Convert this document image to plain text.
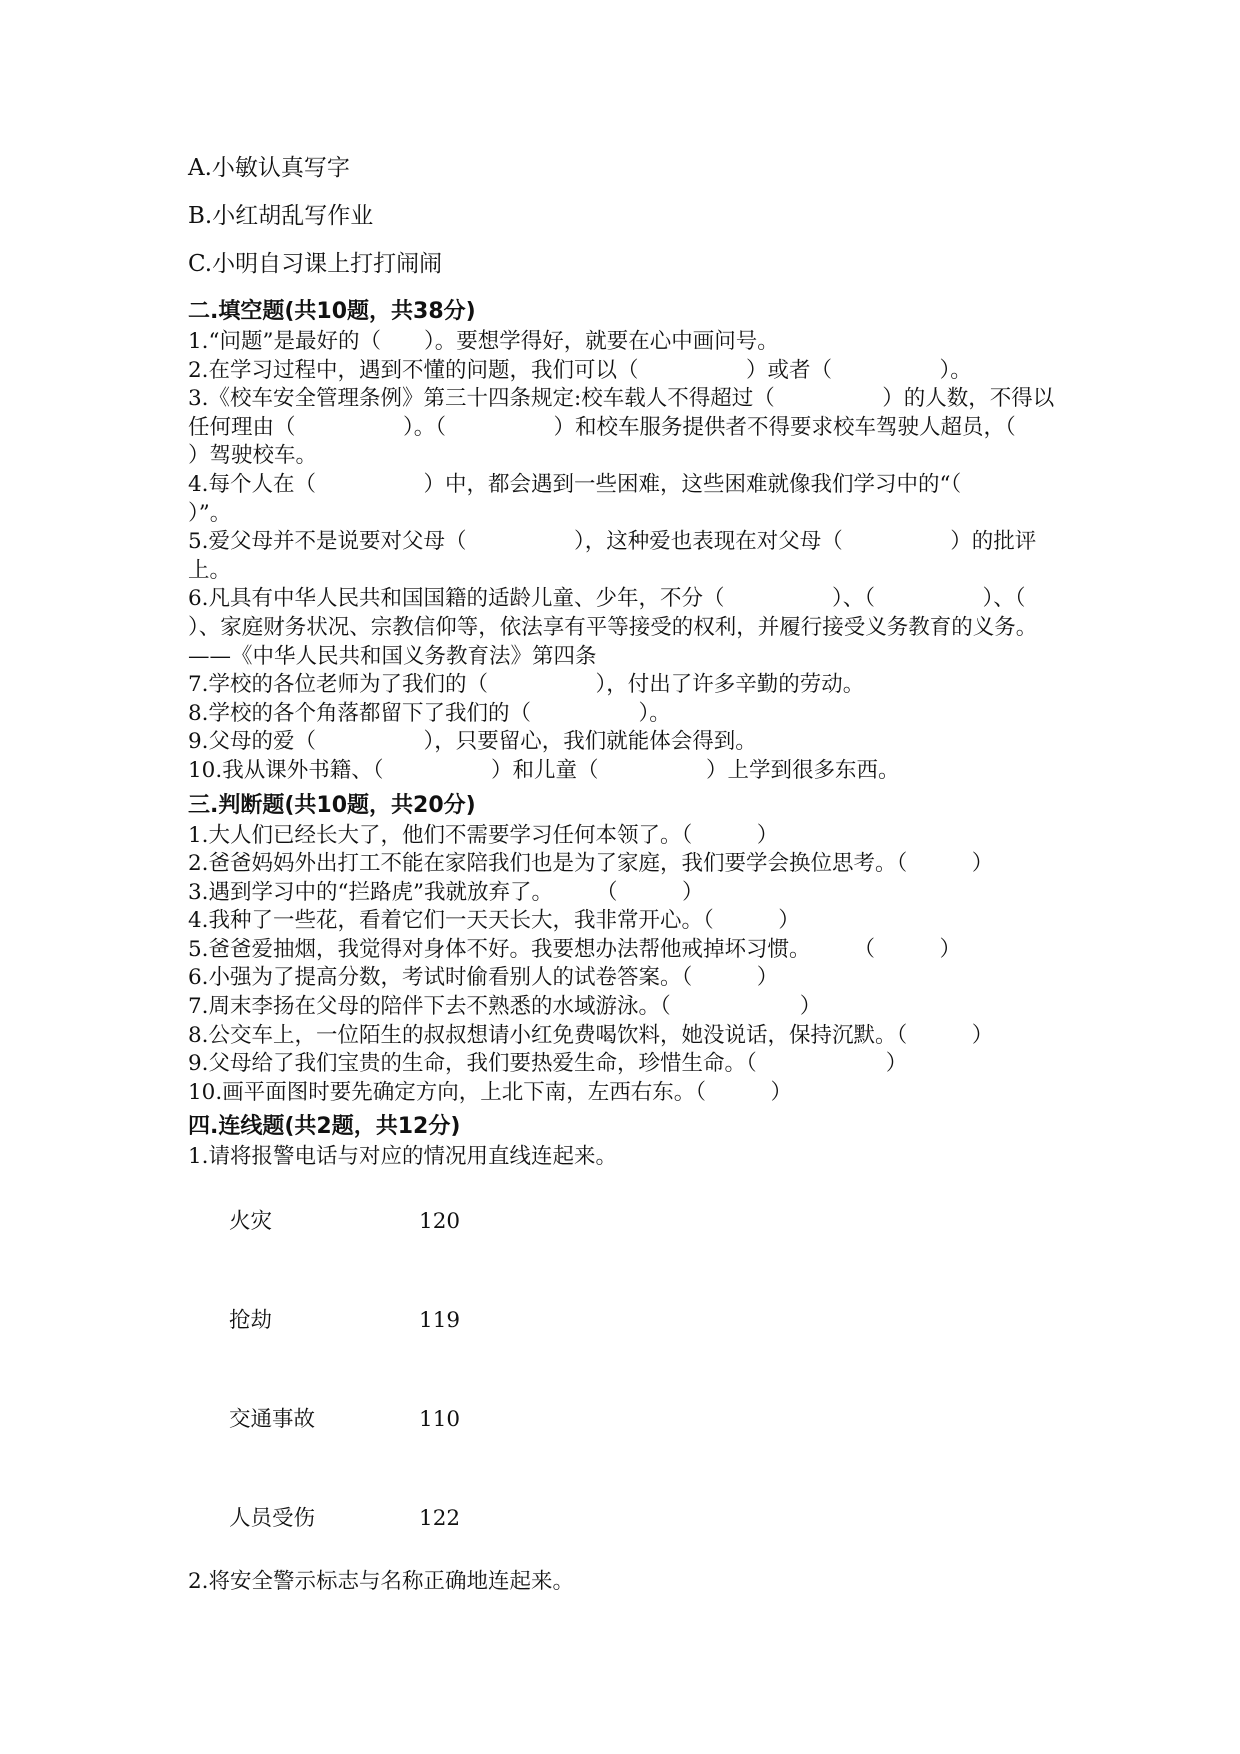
A.小敏认真写字
B.小红胡乱写作业
C.小明自习课上打打闹闹
二.填空题(共10题，共38分)
1.“问题”是最好的（　　）。要想学得好，就要在心中画问号。
2.在学习过程中，遇到不懂的问题，我们可以（　　　　　）或者（　　　　　）。
3.《校车安全管理条例》第三十四条规定:校车载人不得超过（　　　　　）的人数，不得以任何理由（　　　　　）。（　　　　　）和校车服务提供者不得要求校车驾驶人超员，（　　　　　）驾驶校车。
4.每个人在（　　　　　）中，都会遇到一些困难，这些困难就像我们学习中的“（　　　　　）”。
5.爱父母并不是说要对父母（　　　　　），这种爱也表现在对父母（　　　　　）的批评上。
6.凡具有中华人民共和国国籍的适龄儿童、少年，不分（　　　　　）、（　　　　　）、（　　　　　）、家庭财务状况、宗教信仰等，依法享有平等接受的权利，并履行接受义务教育的义务。——《中华人民共和国义务教育法》第四条
7.学校的各位老师为了我们的（　　　　　），付出了许多辛勤的劳动。
8.学校的各个角落都留下了我们的（　　　　　）。
9.父母的爱（　　　　　），只要留心，我们就能体会得到。
10.我从课外书籍、（　　　　　）和儿童（　　　　　）上学到很多东西。
三.判断题(共10题，共20分)
1.大人们已经长大了，他们不需要学习任何本领了。（　　　）
2.爸爸妈妈外出打工不能在家陪我们也是为了家庭，我们要学会换位思考。（　　　）
3.遇到学习中的“拦路虎”我就放弃了。　　　（　　　）
4.我种了一些花，看着它们一天天长大，我非常开心。（　　　）
5.爸爸爱抽烟，我觉得对身体不好。我要想办法帮他戒掉坏习惯。　　　（　　　）
6.小强为了提高分数，考试时偷看别人的试卷答案。（　　　）
7.周末李扬在父母的陪伴下去不熟悉的水域游泳。（　　　　　　）
8.公交车上，一位陌生的叔叔想请小红免费喝饮料，她没说话，保持沉默。（　　　）
9.父母给了我们宝贵的生命，我们要热爱生命，珍惜生命。（　　　　　　）
10.画平面图时要先确定方向，上北下南，左西右东。（　　　）
四.连线题(共2题，共12分)
1.请将报警电话与对应的情况用直线连起来。

火灾	120

抢劫	119

交通事故	110

人员受伤	122

2.将安全警示标志与名称正确地连起来。
